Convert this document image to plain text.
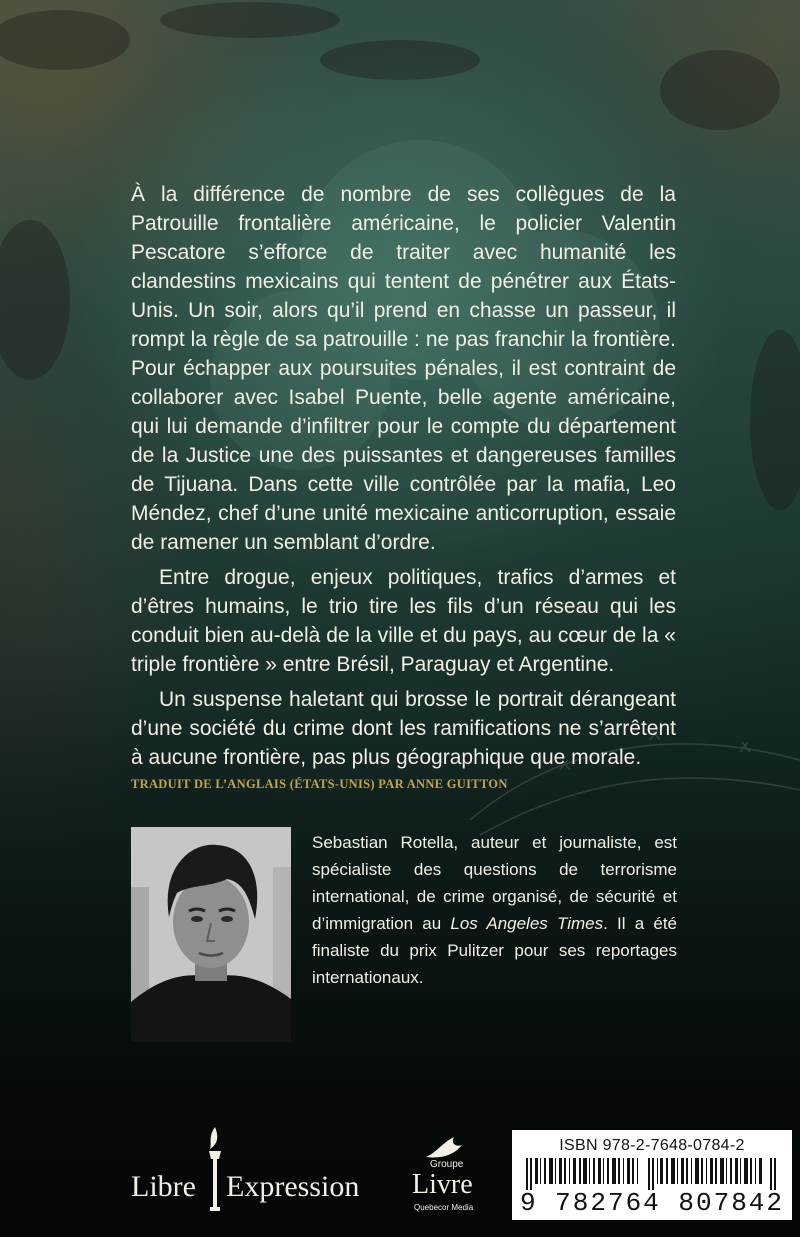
À la différence de nombre de ses collègues de la Patrouille frontalière américaine, le policier Valentin Pescatore s’efforce de traiter avec humanité les clandestins mexicains qui tentent de pénétrer aux États-Unis. Un soir, alors qu’il prend en chasse un passeur, il rompt la règle de sa patrouille : ne pas franchir la frontière. Pour échapper aux poursuites pénales, il est contraint de collaborer avec Isabel Puente, belle agente américaine, qui lui demande d’infiltrer pour le compte du département de la Justice une des puissantes et dangereuses familles de Tijuana. Dans cette ville contrôlée par la mafia, Leo Méndez, chef d’une unité mexicaine anticorruption, essaie de ramener un semblant d’ordre.

Entre drogue, enjeux politiques, trafics d’armes et d’êtres humains, le trio tire les fils d’un réseau qui les conduit bien au-delà de la ville et du pays, au cœur de la « triple frontière » entre Brésil, Paraguay et Argentine.

Un suspense haletant qui brosse le portrait dérangeant d’une société du crime dont les ramifications ne s’arrêtent à aucune frontière, pas plus géographique que morale.

TRADUIT DE L’ANGLAIS (ÉTATS-UNIS) PAR ANNE GUITTON
Sebastian Rotella, auteur et journaliste, est spécialiste des questions de terrorisme international, de crime organisé, de sécurité et d’immigration au Los Angeles Times. Il a été finaliste du prix Pulitzer pour ses reportages internationaux.
Libre Expression
Groupe
Livre
Quebecor Media
ISBN 978-2-7648-0784-2
9 782764 807842
